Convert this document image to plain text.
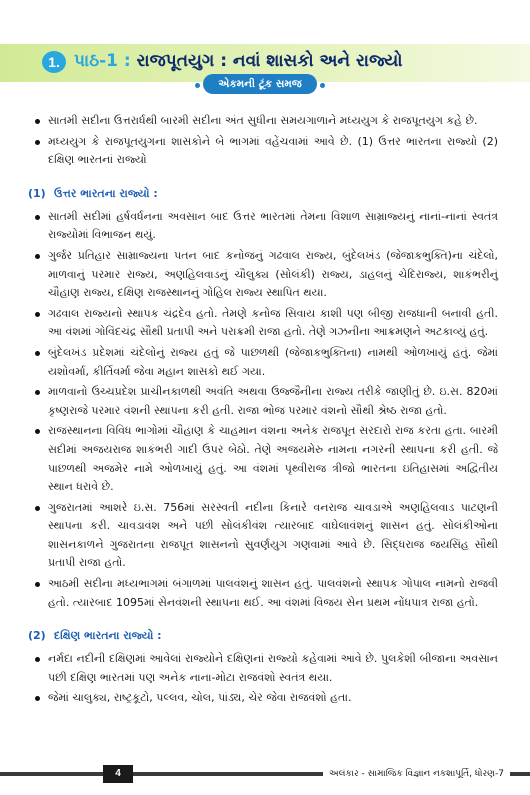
1. પાઠ-1 : રાજપૂતયુગ : નવાં શાસકો અને રાજ્યો
એકમની ટૂંક સમજ
સાતમી સદીના ઉત્તરાર્ધથી બારમી સદીના અંત સુધીના સમયગાળાને મધ્યયુગ કે રાજપૂતયુગ કહે છે.
મધ્યયુગ કે રાજપૂતયુગના શાસકોને બે ભાગમાં વહેંચવામાં આવે છે. (1) ઉત્તર ભારતના રાજ્યો (2) દક્ષિણ ભારતનાં રાજ્યો
(1) ઉત્તર ભારતના રાજ્યો :
સાતમી સદીમાં હર્ષવર્ધનના અવસાન બાદ ઉત્તર ભારતમાં તેમના વિશાળ સામ્રાજ્યનું નાનાં-નાનાં સ્વતંત્ર રાજ્યોમાં વિભાજન થયું.
ગુર્જર પ્રતિહાર સામ્રાજ્યના પતન બાદ કનોજનું ગઢવાલ રાજ્ય, બુંદેલખંડ (જેજાકભુક્તિ)ના ચંદેલો, માળવાનું પરમાર રાજ્ય, અણહિલવાડનું ચૌલુક્ય (સોલંકી) રાજ્ય, ડાહલનું ચેદિરાજ્ય, શાકંભરીનું ચૌહાણ રાજ્ય, દક્ષિણ રાજસ્થાનનું ગોહિલ રાજ્ય સ્થાપિત થયા.
ગઢવાલ રાજ્યનો સ્થાપક ચંદ્રદેવ હતો. તેમણે કનોજ સિવાય કાશી પણ બીજી રાજધાની બનાવી હતી. આ વંશમાં ગોવિંદચંદ્ર સૌથી પ્રતાપી અને પરાક્રમી રાજા હતો. તેણે ગઝનીના આક્રમણને અટકાવ્યું હતું.
બુંદેલખંડ પ્રદેશમાં ચંદેલોનું રાજ્ય હતું જે પાછળથી (જેજાકભુક્તિના) નામથી ઓળખાયું હતું. જેમાં યશોવર્મા, કીર્તિવર્મા જેવા મહાન શાસકો થઈ ગયા.
માળવાનો ઉચ્ચપ્રદેશ પ્રાચીનકાળથી અવંતિ અથવા ઉજ્જૈનીના રાજ્ય તરીકે જાણીતું છે. ઇ.સ. 820માં કૃષ્ણરાજે પરમાર વંશની સ્થાપના કરી હતી. રાજા ભોજ પરમાર વંશનો સૌથી શ્રેષ્ઠ રાજા હતો.
રાજસ્થાનના વિવિધ ભાગોમાં ચૌહાણ કે ચાહમાન વંશના અનેક રાજપૂત સરદારો રાજ કરતા હતા. બારમી સદીમાં અજયરાજ શાકંભરી ગાદી ઉપર બેઠો. તેણે અજયમેરુ નામના નગરની સ્થાપના કરી હતી. જે પાછળથી અજમેર નામે ઓળખાયું હતું. આ વંશમાં પૃથ્વીરાજ ત્રીજો ભારતના ઇતિહાસમાં અદ્વિતીય સ્થાન ધરાવે છે.
ગુજરાતમાં આશરે ઇ.સ. 756માં સરસ્વતી નદીના કિનારે વનરાજ ચાવડાએ અણહિલવાડ પાટણની સ્થાપના કરી. ચાવડાવંશ અને પછી સોલંકીવંશ ત્યારબાદ વાઘેલાવંશનું શાસન હતું. સોલંકીઓના શાસનકાળને ગુજરાતના રાજપૂત શાસનનો સુવર્ણયુગ ગણવામાં આવે છે. સિદ્ધરાજ જયસિંહ સૌથી પ્રતાપી રાજા હતો.
આઠમી સદીના મધ્યભાગમાં બંગાળમાં પાલવંશનું શાસન હતું. પાલવંશનો સ્થાપક ગોપાલ નામનો રાજવી હતો. ત્યારબાદ 1095માં સેનવંશની સ્થાપના થઈ. આ વંશમાં વિજય સેન પ્રથમ નોંધપાત્ર રાજા હતો.
(2) દક્ષિણ ભારતના રાજ્યો :
નર્મદા નદીની દક્ષિણમાં આવેલાં રાજ્યોને દક્ષિણનાં રાજ્યો કહેવામાં આવે છે. પુલકેશી બીજાના અવસાન પછી દક્ષિણ ભારતમાં પણ અનેક નાના-મોટા રાજવંશો સ્વતંત્ર થયા.
જેમાં ચાલુક્ય, રાષ્ટ્રકૂટો, પલ્લવ, ચોલ, પાંડ્ય, ચેર જેવા રાજવંશો હતા.
4	અલંકાર - સામાજિક વિજ્ઞાન નકશાપૂર્તિ, ધોરણ-7
